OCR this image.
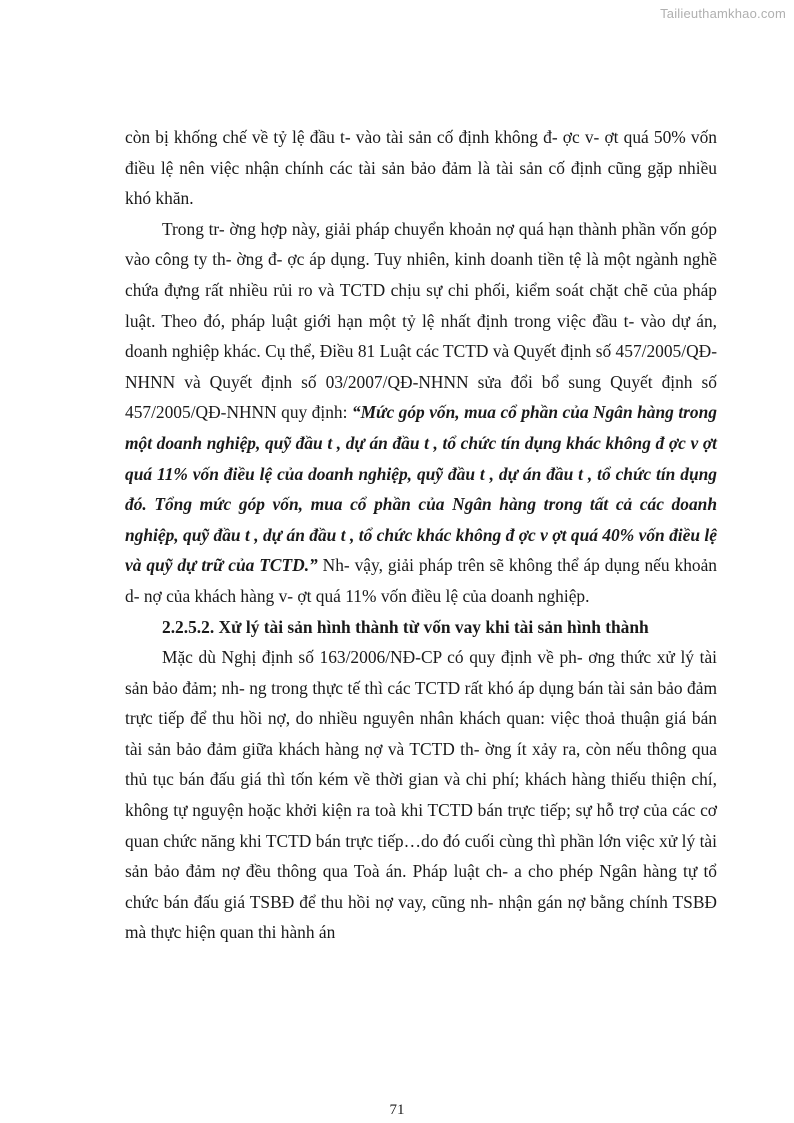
Tailieuthamkhao.com

còn bị khống chế về tỷ lệ đầu t- vào tài sản cố định không đ- ợc v- ợt quá 50% vốn điều lệ nên việc nhận chính các tài sản bảo đảm là tài sản cố định cũng gặp nhiều khó khăn.

Trong tr- ờng hợp này, giải pháp chuyển khoản nợ quá hạn thành phần vốn góp vào công ty th- ờng đ- ợc áp dụng. Tuy nhiên, kinh doanh tiền tệ là một ngành nghề chứa đựng rất nhiều rủi ro và TCTD chịu sự chi phối, kiểm soát chặt chẽ của pháp luật. Theo đó, pháp luật giới hạn một tỷ lệ nhất định trong việc đầu t- vào dự án, doanh nghiệp khác. Cụ thể, Điều 81 Luật các TCTD và Quyết định số 457/2005/QĐ-NHNN và Quyết định số 03/2007/QĐ-NHNN sửa đổi bổ sung Quyết định số 457/2005/QĐ-NHNN quy định: “Mức góp vốn, mua cổ phần của Ngân hàng trong một doanh nghiệp, quỹ đầu t , dự án đầu t , tổ chức tín dụng khác không đ ợc v ợt quá 11% vốn điều lệ của doanh nghiệp, quỹ đầu t , dự án đầu t , tổ chức tín dụng đó. Tổng mức góp vốn, mua cổ phần của Ngân hàng trong tất cả các doanh nghiệp, quỹ đầu t , dự án đầu t , tổ chức khác không đ ợc v ợt quá 40% vốn điều lệ và quỹ dự trữ của TCTD.” Nh- vậy, giải pháp trên sẽ không thể áp dụng nếu khoản d- nợ của khách hàng v- ợt quá 11% vốn điều lệ của doanh nghiệp.

2.2.5.2. Xử lý tài sản hình thành từ vốn vay khi tài sản hình thành

Mặc dù Nghị định số 163/2006/NĐ-CP có quy định về ph- ơng thức xử lý tài sản bảo đảm; nh- ng trong thực tế thì các TCTD rất khó áp dụng bán tài sản bảo đảm trực tiếp để thu hồi nợ, do nhiều nguyên nhân khách quan: việc thoả thuận giá bán tài sản bảo đảm giữa khách hàng nợ và TCTD th- ờng ít xảy ra, còn nếu thông qua thủ tục bán đấu giá thì tốn kém về thời gian và chi phí; khách hàng thiếu thiện chí, không tự nguyện hoặc khởi kiện ra toà khi TCTD bán trực tiếp; sự hỗ trợ của các cơ quan chức năng khi TCTD bán trực tiếp…do đó cuối cùng thì phần lớn việc xử lý tài sản bảo đảm nợ đều thông qua Toà án. Pháp luật ch- a cho phép Ngân hàng tự tổ chức bán đấu giá TSBĐ để thu hồi nợ vay, cũng nh- nhận gán nợ bằng chính TSBĐ mà thực hiện quan thi hành án

71
